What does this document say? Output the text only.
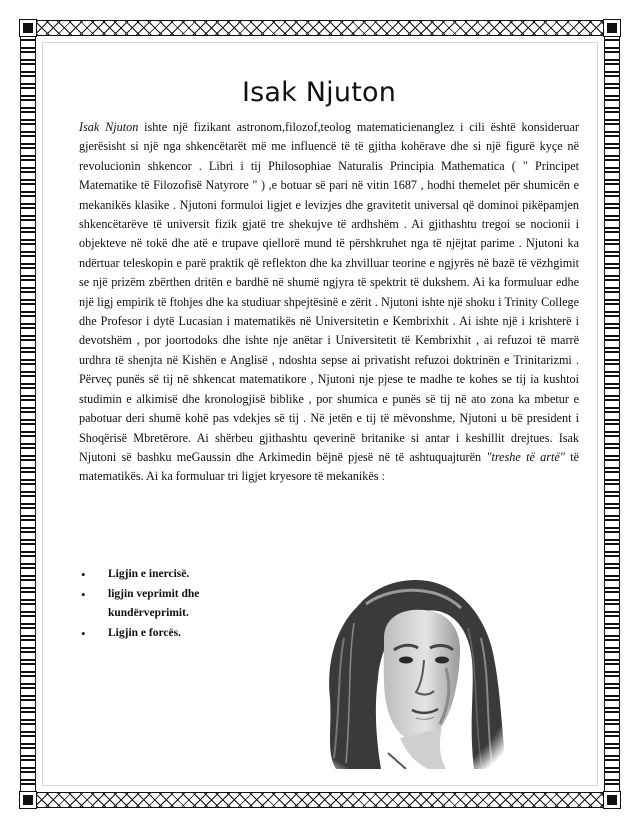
Isak Njuton

Isak Njuton ishte një fizikant astronom,filozof,teolog matematicienanglez i cili është konsideruar gjerësisht si një nga shkencëtarët më me influencë të të gjitha kohërave dhe si një figurë kyçe në revolucionin shkencor . Libri i tij Philosophiae Naturalis Principia Mathematica ( " Principet Matematike të Filozofisë Natyrore " ) ,e botuar së pari në vitin 1687 , hodhi themelet për shumicën e mekanikës klasike . Njutoni formuloi ligjet e levizjes dhe gravitetit universal që dominoi pikëpamjen shkencëtarëve të universit fizik gjatë tre shekujve të ardhshëm . Ai gjithashtu tregoi se nocionii i objekteve në tokë dhe atë e trupave qiellorë mund të përshkruhet nga të njëjtat parime . Njutoni ka ndërtuar teleskopin e parë praktik që reflekton dhe ka zhvilluar teorine e ngjyrës në bazë të vëzhgimit se një prizëm zbërthen dritën e bardhë në shumë ngjyra të spektrit të dukshem. Ai ka formuluar edhe një ligj empirik të ftohjes dhe ka studiuar shpejtësinë e zërit . Njutoni ishte një shoku i Trinity College dhe Profesor i dytë Lucasian i matematikës në Universitetin e Kembrixhit . Ai ishte një i krishterë i devotshëm , por joortodoks dhe ishte nje anëtar i Universitetit të Kembrixhit , ai refuzoi të marrë urdhra të shenjta në Kishën e Anglisë , ndoshta sepse ai privatisht refuzoi doktrinën e Trinitarizmi . Përveç punës së tij në shkencat matematikore , Njutoni nje pjese te madhe te kohes se tij ia kushtoi studimin e alkimisë dhe kronologjisë biblike , por shumica e punës së tij në ato zona ka mbetur e pabotuar deri shumë kohë pas vdekjes së tij . Në jetën e tij të mëvonshme, Njutoni u bë president i Shoqërisë Mbretërore. Ai shërbeu gjithashtu qeverinë britanike si antar i keshillit drejtues. Isak Njutoni së bashku meGaussin dhe Arkimedin bëjnë pjesë në të ashtuquajturën "treshe të artë" të matematikës. Ai ka formuluar tri ligjet kryesore të mekanikës :

• Ligjin e inercisë.
• ligjin veprimit dhe kundërveprimit.
• Ligjin e forcës.
